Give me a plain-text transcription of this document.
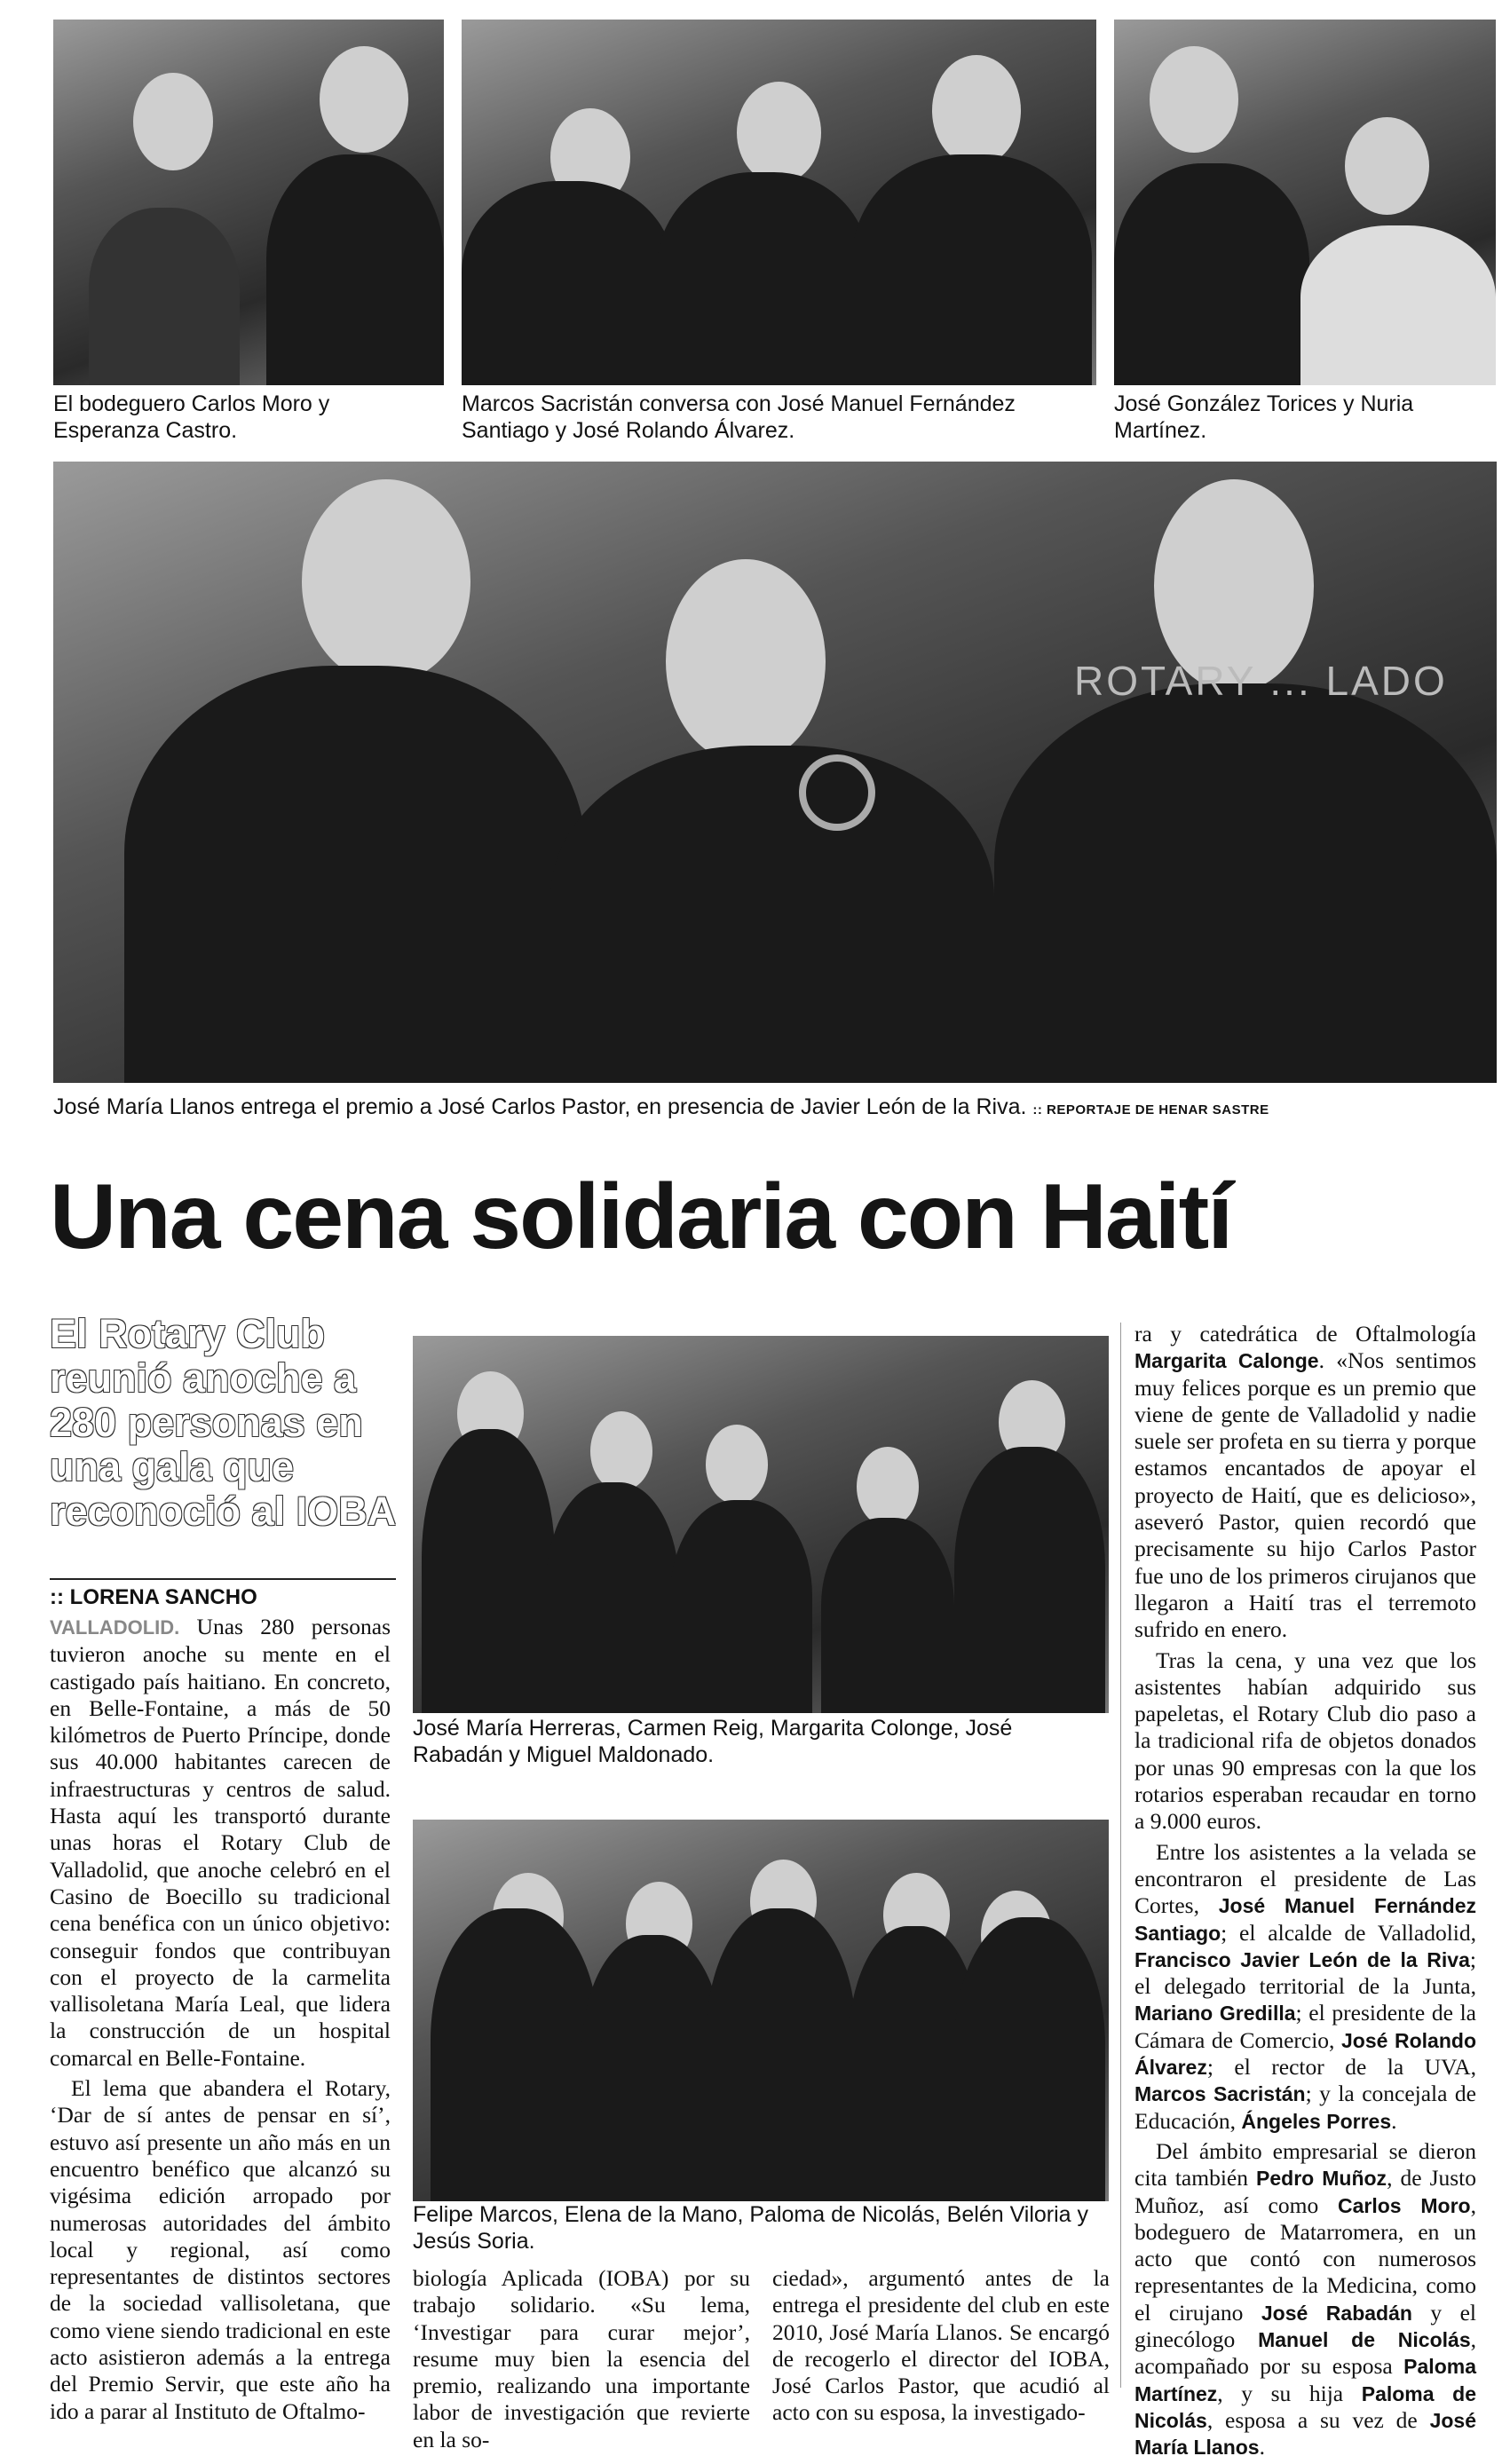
El bodeguero Carlos Moro y Esperanza Castro.
Marcos Sacristán conversa con José Manuel Fernández Santiago y José Rolando Álvarez.
José González Torices y Nuria Martínez.
ROTARY ... LADO
José María Llanos entrega el premio a José Carlos Pastor, en presencia de Javier León de la Riva. :: REPORTAJE DE HENAR SASTRE
Una cena solidaria con Haití
El Rotary Club reunió anoche a 280 personas en una gala que reconoció al IOBA
:: LORENA SANCHO

VALLADOLID. Unas 280 personas tuvieron anoche su mente en el castigado país haitiano. En concreto, en Belle-Fontaine, a más de 50 kilómetros de Puerto Príncipe, donde sus 40.000 habitantes carecen de infraestructuras y centros de salud. Hasta aquí les transportó durante unas horas el Rotary Club de Valladolid, que anoche celebró en el Casino de Boecillo su tradicional cena benéfica con un único objetivo: conseguir fondos que contribuyan con el proyecto de la carmelita vallisoletana María Leal, que lidera la construcción de un hospital comarcal en Belle-Fontaine.

El lema que abandera el Rotary, ‘Dar de sí antes de pensar en sí’, estuvo así presente un año más en un encuentro benéfico que alcanzó su vigésima edición arropado por numerosas autoridades del ámbito local y regional, así como representantes de distintos sectores de la sociedad vallisoletana, que como viene siendo tradicional en este acto asistieron además a la entrega del Premio Servir, que este año ha ido a parar al Instituto de Oftalmo-

José María Herreras, Carmen Reig, Margarita Colonge, José Rabadán y Miguel Maldonado.
Felipe Marcos, Elena de la Mano, Paloma de Nicolás, Belén Viloria y Jesús Soria.

biología Aplicada (IOBA) por su trabajo solidario. «Su lema, ‘Investigar para curar mejor’, resume muy bien la esencia del premio, realizando una importante labor de investigación que revierte en la so-

ciedad», argumentó antes de la entrega el presidente del club en este 2010, José María Llanos. Se encargó de recogerlo el director del IOBA, José Carlos Pastor, que acudió al acto con su esposa, la investigado-

ra y catedrática de Oftalmología Margarita Calonge. «Nos sentimos muy felices porque es un premio que viene de gente de Valladolid y nadie suele ser profeta en su tierra y porque estamos encantados de apoyar el proyecto de Haití, que es delicioso», aseveró Pastor, quien recordó que precisamente su hijo Carlos Pastor fue uno de los primeros cirujanos que llegaron a Haití tras el terremoto sufrido en enero.

Tras la cena, y una vez que los asistentes habían adquirido sus papeletas, el Rotary Club dio paso a la tradicional rifa de objetos donados por unas 90 empresas con la que los rotarios esperaban recaudar en torno a 9.000 euros.

Entre los asistentes a la velada se encontraron el presidente de Las Cortes, José Manuel Fernández Santiago; el alcalde de Valladolid, Francisco Javier León de la Riva; el delegado territorial de la Junta, Mariano Gredilla; el presidente de la Cámara de Comercio, José Rolando Álvarez; el rector de la UVA, Marcos Sacristán; y la concejala de Educación, Ángeles Porres.

Del ámbito empresarial se dieron cita también Pedro Muñoz, de Justo Muñoz, así como Carlos Moro, bodeguero de Matarromera, en un acto que contó con numerosos representantes de la Medicina, como el cirujano José Rabadán y el ginecólogo Manuel de Nicolás, acompañado por su esposa Paloma Martínez, y su hija Paloma de Nicolás, esposa a su vez de José María Llanos.
